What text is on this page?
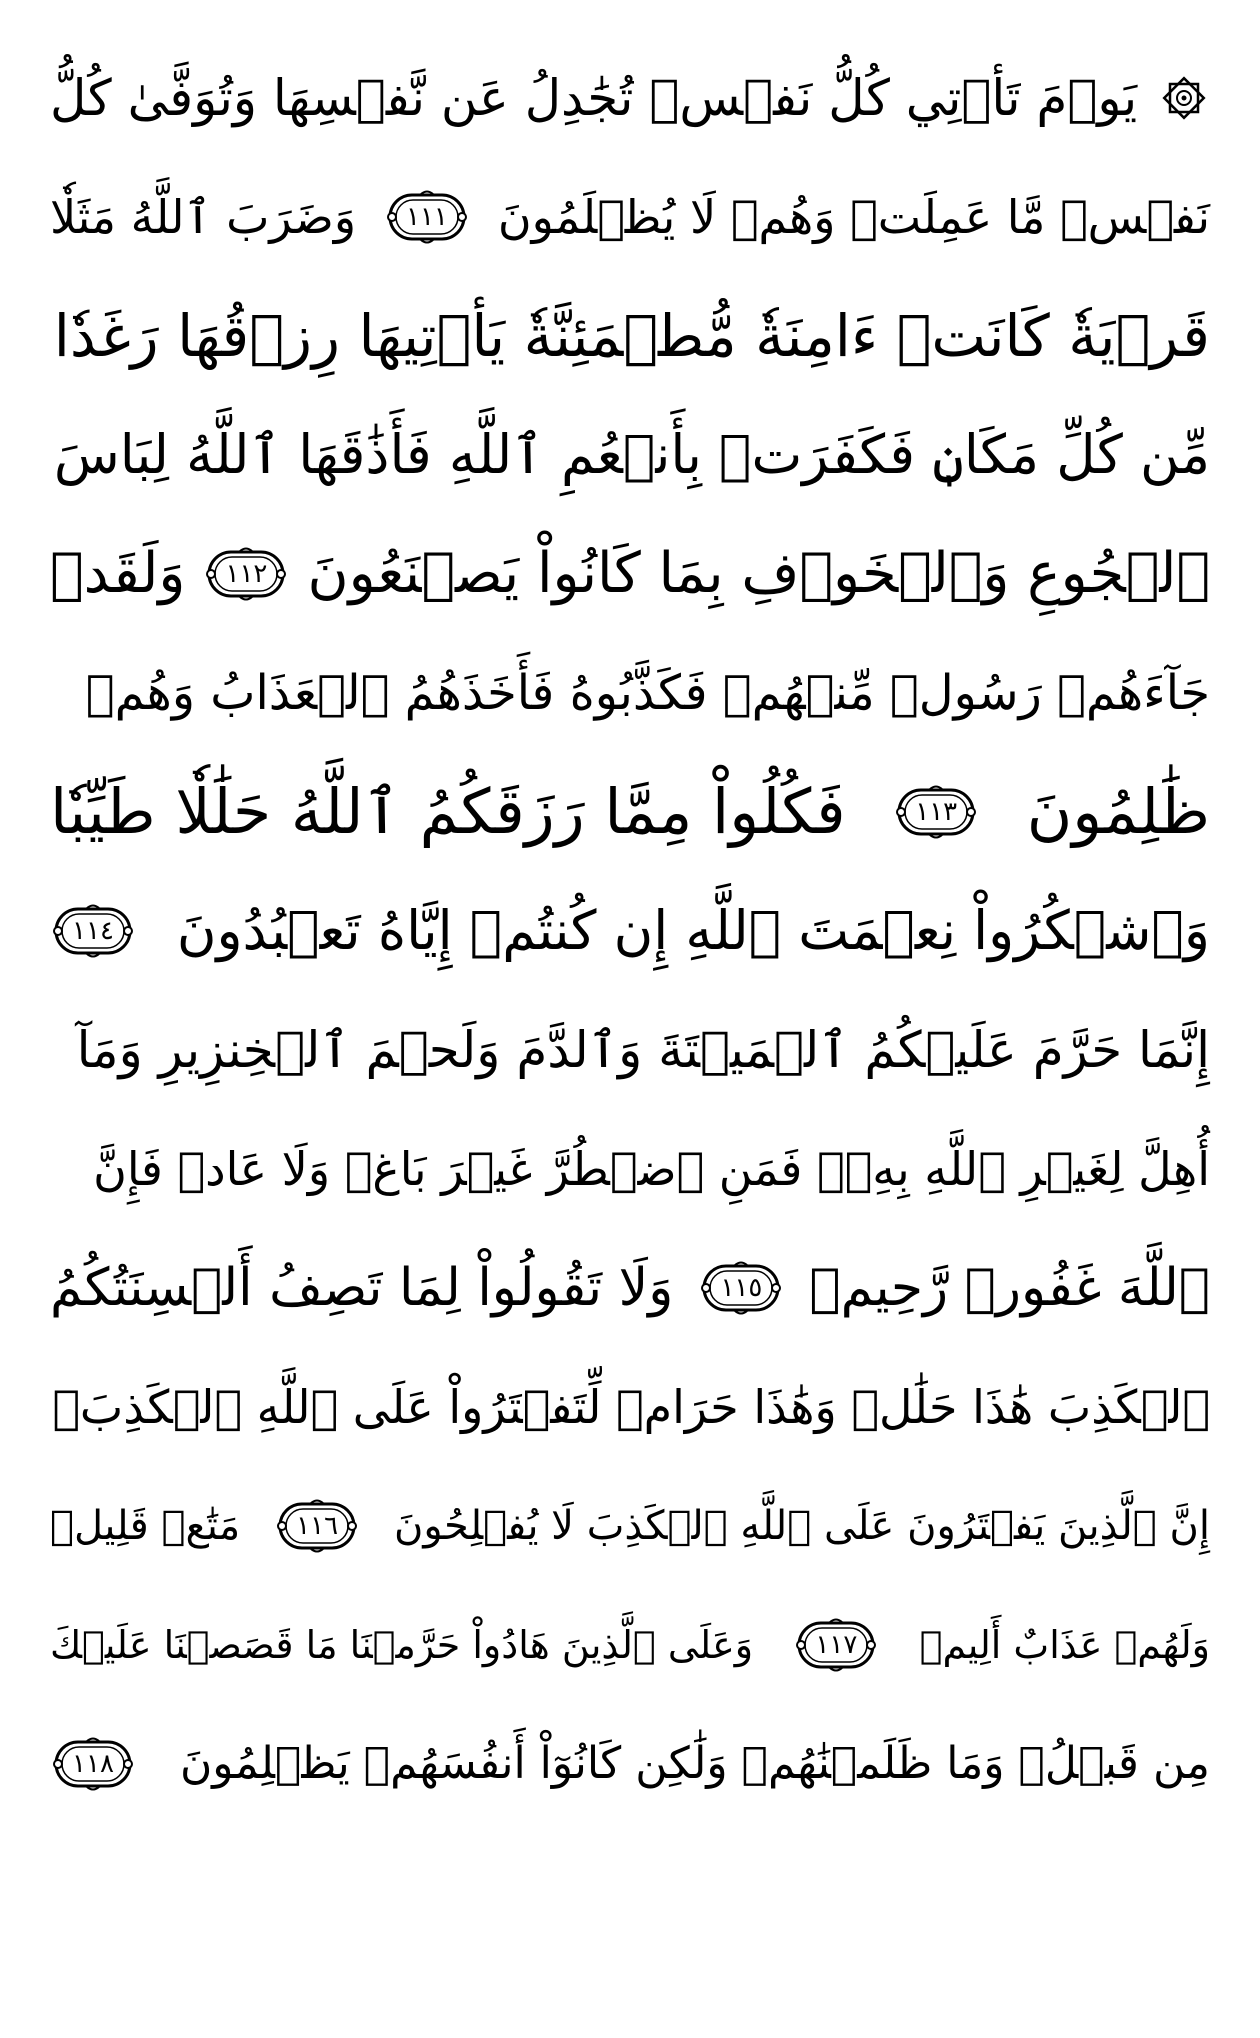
يَوۡمَ تَأۡتِي كُلُّ نَفۡسٖ تُجَٰدِلُ عَن نَّفۡسِهَا وَتُوَفَّىٰ كُلُّ
نَفۡسٖ مَّا عَمِلَتۡ وَهُمۡ لَا يُظۡلَمُونَ
١١١
وَضَرَبَ ٱللَّهُ مَثَلٗا
قَرۡيَةٗ كَانَتۡ ءَامِنَةٗ مُّطۡمَئِنَّةٗ يَأۡتِيهَا رِزۡقُهَا رَغَدٗا
مِّن كُلِّ مَكَانٖ فَكَفَرَتۡ بِأَنۡعُمِ ٱللَّهِ فَأَذَٰقَهَا ٱللَّهُ لِبَاسَ
ٱلۡجُوعِ وَٱلۡخَوۡفِ بِمَا كَانُواْ يَصۡنَعُونَ
١١٢
وَلَقَدۡ
جَآءَهُمۡ رَسُولٞ مِّنۡهُمۡ فَكَذَّبُوهُ فَأَخَذَهُمُ ٱلۡعَذَابُ وَهُمۡ
ظَٰلِمُونَ
١١٣
فَكُلُواْ مِمَّا رَزَقَكُمُ ٱللَّهُ حَلَٰلٗا طَيِّبٗا
وَٱشۡكُرُواْ نِعۡمَتَ ٱللَّهِ إِن كُنتُمۡ إِيَّاهُ تَعۡبُدُونَ
١١٤
إِنَّمَا حَرَّمَ عَلَيۡكُمُ ٱلۡمَيۡتَةَ وَٱلدَّمَ وَلَحۡمَ ٱلۡخِنزِيرِ وَمَآ
أُهِلَّ لِغَيۡرِ ٱللَّهِ بِهِۦۖ فَمَنِ ٱضۡطُرَّ غَيۡرَ بَاغٖ وَلَا عَادٖ فَإِنَّ
ٱللَّهَ غَفُورٞ رَّحِيمٞ
١١٥
وَلَا تَقُولُواْ لِمَا تَصِفُ أَلۡسِنَتُكُمُ
ٱلۡكَذِبَ هَٰذَا حَلَٰلٞ وَهَٰذَا حَرَامٞ لِّتَفۡتَرُواْ عَلَى ٱللَّهِ ٱلۡكَذِبَۚ
إِنَّ ٱلَّذِينَ يَفۡتَرُونَ عَلَى ٱللَّهِ ٱلۡكَذِبَ لَا يُفۡلِحُونَ
١١٦
مَتَٰعٞ قَلِيلٞ
وَلَهُمۡ عَذَابٌ أَلِيمٞ
١١٧
وَعَلَى ٱلَّذِينَ هَادُواْ حَرَّمۡنَا مَا قَصَصۡنَا عَلَيۡكَ
مِن قَبۡلُۖ وَمَا ظَلَمۡنَٰهُمۡ وَلَٰكِن كَانُوٓاْ أَنفُسَهُمۡ يَظۡلِمُونَ
١١٨
